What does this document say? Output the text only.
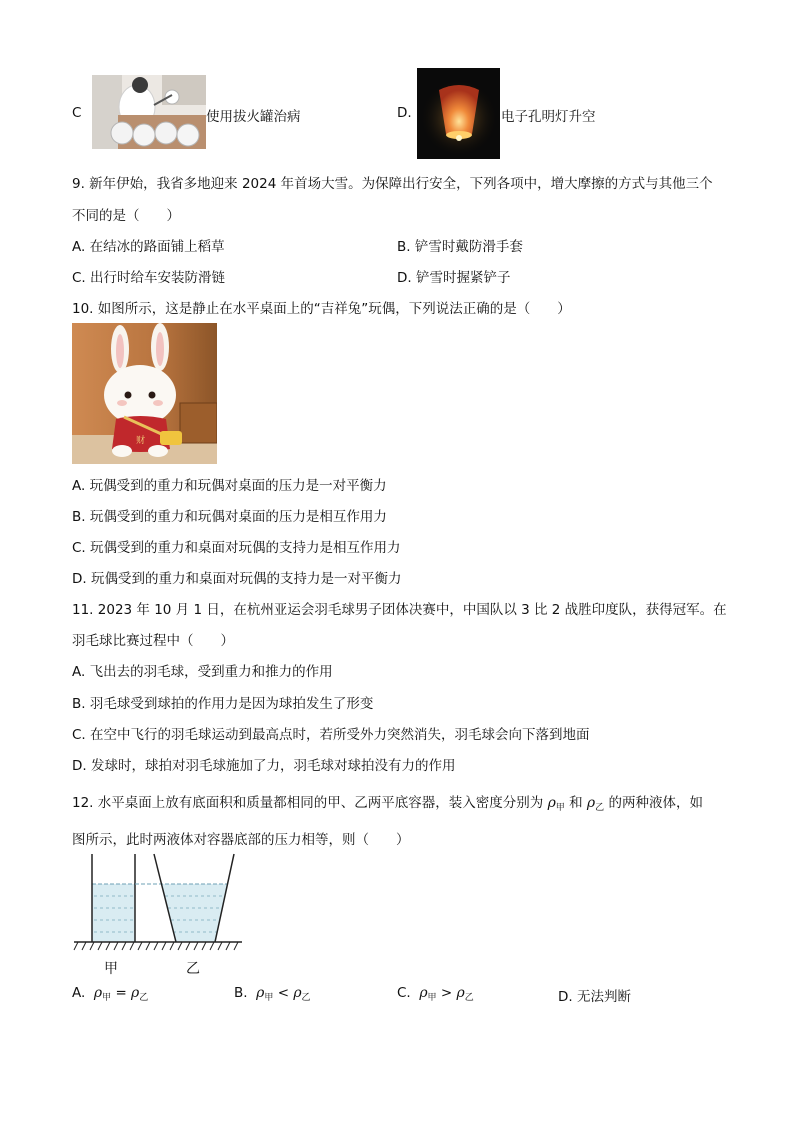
C	使用拔火罐治病	D.	电子孔明灯升空
9. 新年伊始，我省多地迎来 2024 年首场大雪。为保障出行安全，下列各项中，增大摩擦的方式与其他三个
不同的是（　　）
A. 在结冰的路面铺上稻草	B. 铲雪时戴防滑手套
C. 出行时给车安装防滑链	D. 铲雪时握紧铲子
10. 如图所示，这是静止在水平桌面上的“吉祥兔”玩偶，下列说法正确的是（　　）
财
A. 玩偶受到的重力和玩偶对桌面的压力是一对平衡力
B. 玩偶受到的重力和玩偶对桌面的压力是相互作用力
C. 玩偶受到的重力和桌面对玩偶的支持力是相互作用力
D. 玩偶受到的重力和桌面对玩偶的支持力是一对平衡力
11. 2023 年 10 月 1 日，在杭州亚运会羽毛球男子团体决赛中，中国队以 3 比 2 战胜印度队，获得冠军。在
羽毛球比赛过程中（　　）
A. 飞出去的羽毛球，受到重力和推力的作用
B. 羽毛球受到球拍的作用力是因为球拍发生了形变
C. 在空中飞行的羽毛球运动到最高点时，若所受外力突然消失，羽毛球会向下落到地面
D. 发球时，球拍对羽毛球施加了力，羽毛球对球拍没有力的作用
12. 水平桌面上放有底面积和质量都相同的甲、乙两平底容器，装入密度分别为 $\rho_甲$ 和 $\rho_乙$ 的两种液体，如
图所示，此时两液体对容器底部的压力相等，则（　　）
甲	乙
A. $\rho_甲 = \rho_乙$	B. $\rho_甲 < \rho_乙$	C. $\rho_甲 > \rho_乙$	D. 无法判断
